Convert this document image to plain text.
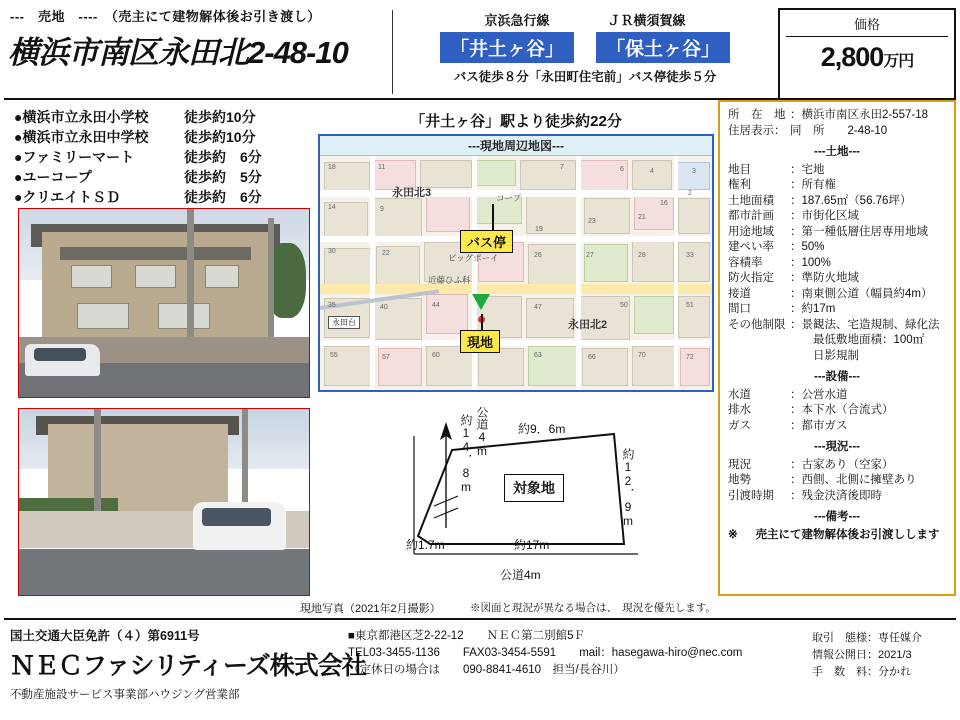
---　売地　----　（売主にて建物解体後お引き渡し）
横浜市南区永田北2-48-10
京浜急行線	ＪＲ横須賀線
「井土ヶ谷」	「保土ヶ谷」
バス徒歩８分「永田町住宅前」バス停徒歩５分
価格
2,800万円
●横浜市立永田小学校	徒歩約10分
●横浜市立永田中学校	徒歩約10分
●ファミリーマート	徒歩約　6分
●ユーコープ	徒歩約　5分
●クリエイトＳＤ	徒歩約　6分
現地写真（2021年2月撮影）	※図面と現況が異なる場合は、　現況を優先します。
「井土ヶ谷」駅より徒歩約22分
---現地周辺地図---
18	11	7	6	4	3
2
16
14	9
30	22
19
23
21
26	27	28	33
35	40	44	47	50	51
55	57	60	63	66	70	72
永田北3
永田北2
コープ
ビッグボーイ
近藤ひふ科
永田台
バス停
現地
対象地
約9．6m
約12．9m
約17m
約1.7m
約14．8m 公道4m
公道4m
所　在　地 ：横浜市南区永田2-557-18
住居表示： 同　所　　2-48-10
---土地---
地目	：宅地
権利	：所有権
土地面積	：187.65㎡（56.76坪）
都市計画	：市街化区域
用途地域	：第一種低層住居専用地域
建ぺい率	：50%
容積率	：100%
防火指定	：準防火地域
接道	：南東側公道（幅員約4m）
間口	：約17m
その他制限 ：景観法、宅造規制、緑化法
　　最低敷地面積：100㎡
　　日影規制
---設備---
水道	：公営水道
排水	：本下水（合流式）
ガス	：都市ガス
---現況---
現況	：古家あり（空家）
地勢	：西側、北側に擁壁あり
引渡時期	：残金決済後即時
---備考---
※ 　売主にて建物解体後お引渡しします
国土交通大臣免許（４）第6911号
ＮＥＣファシリティーズ株式会社
不動産施設サービス事業部ハウジング営業部
■東京都港区芝2-22-12　　ＮＥＣ第二別館5Ｆ
TEL03-3455-1136　　FAX03-3454-5591　　mail：hasegawa-hiro@nec.com
（定休日の場合は　　090-8841-4610　担当/長谷川）
取引　態様：専任媒介
情報公開日：2021/3
手　数　料：分かれ
